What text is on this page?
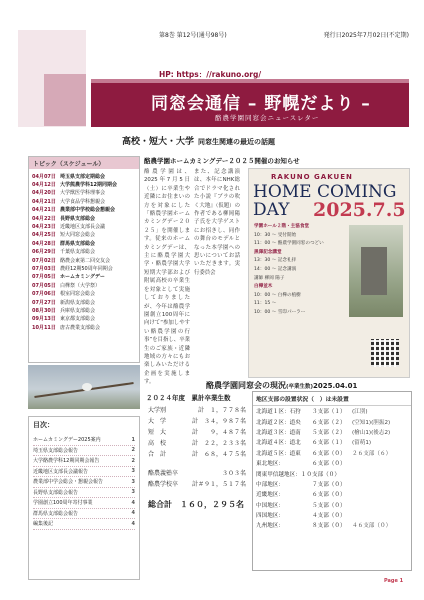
第8巻 第12号(通号98号)	発行日2025年7月02日(不定期)
HP: https：//rakuno.org/
同窓会通信 – 野幌だより –
酪農学園同窓会ニュースレター
高校・短大・大学 同窓生関連の最近の話題
トピック（スケジュール）
04月07日 埼玉県支部定期総会
04月12日 大学熊農学科12期同期会
04月20日 大学獣医学科理事会
04月21日 大学食品学科懇親会
04月21日 農業部中学校総会懇親会
04月22日 長野県支部総会
04月23日 近畿地区支部長会議
04月25日 短大同窓会総会
04月28日 群馬県支部総会
06月29日 千葉県支部総会
07月02日 酪農会東第二回交友会
07月03日 農経12期50周年同期会
07月05日 ホームカミングデー
07月05日 白樺祭（大学祭）
07月06日 根室同窓会総会
07月27日 新潟県支部総会
08月30日 兵庫県支部総会
09月13日 東京都支部総会
10月11日 唐古農業支部総会
酪農学園ホームカミングデー２０２５開催のお知らせ
酪農学園は、2025年7月5日（土）に卒業生や近隣にお住まいの方を対象にした「酪農学園ホームカミングデー２０２５」を開催します。従来のホームカミングデーは、主に酪農学園大学・酪農学園大学短期大学部および附属高校の卒業生を対象として実施しておりましたが、今年は酪農学園創立100周年に向けて“参加しやすい酪農学園の行事”を目指し、卒業生のご家族・近隣地域の方々にもお楽しみいただける企画を実施します。
また、記念講演は、本年にNHK総合でドラマ化された小説『ブラの吹く大地』（仮題）の作者である柳岡陽子氏を大学ゲストにお招きし、同作の舞台のモデルとなった本学園への思いについてお話いただきます。実行委員会
RAKUNO GAKUEN
HOME COMING
DAY 2025.7.5
学園ホール２階・主協食堂
10：30 〜 受付開始
11：00 〜 酪農学園同窓のつどい
黒澤記念講堂
13：30 〜 記念礼拝
14：00 〜 記念講演
講師 柳岡 陽子
白樺並木
10：00 〜 白樺の植樹
11：15 〜
10：00 〜 雪印パーラー
目次：
ホームカミングデー2025案内	1
埼玉県支部総会報告	2
大学酪農学科12期同期会報告	2
近畿地区支部長会議報告	3
農業部中学会総会・懇親会報告	3
長野県支部総会報告	3
学園創立100周年寄付事業	4
群馬県支部総会報告	4
編集後記	4
酪農学園同窓会の現況(卒業生数)2025.04.01
２０２４年度　累計卒業生数
大学別	計　１，７７８名
大　学	計　３４，９８７名
短　大	計　　９，４８７名
高　校	計　２２，２３３名
合　計	計　６８，４７５名
酪農義塾卒	３０３名
酪農学校卒 計＃９１，５１７名
総合計　１６０，２９５名
地区支部の設置状況（　）は未設置
北海道１区：石狩	３支部（１）	(江別)
北海道２区：道央	６支部（２）	(空知1)(胆振2)
北海道３区：道南	５支部（２）	(檜山1)(後志2)
北海道４区：道北	６支部（１）	(留萌1)
北海道５区：道東	６支部（０）	２６支部（６）
東北地区：	６支部（０）
関東甲信越地区：１０支部（０）
中部地区：	７支部（０）
近畿地区：	６支部（０）
中国地区：	５支部（０）
四国地区：	４支部（０）
九州地区：	８支部（０）	４６支部（０）
Page 1
